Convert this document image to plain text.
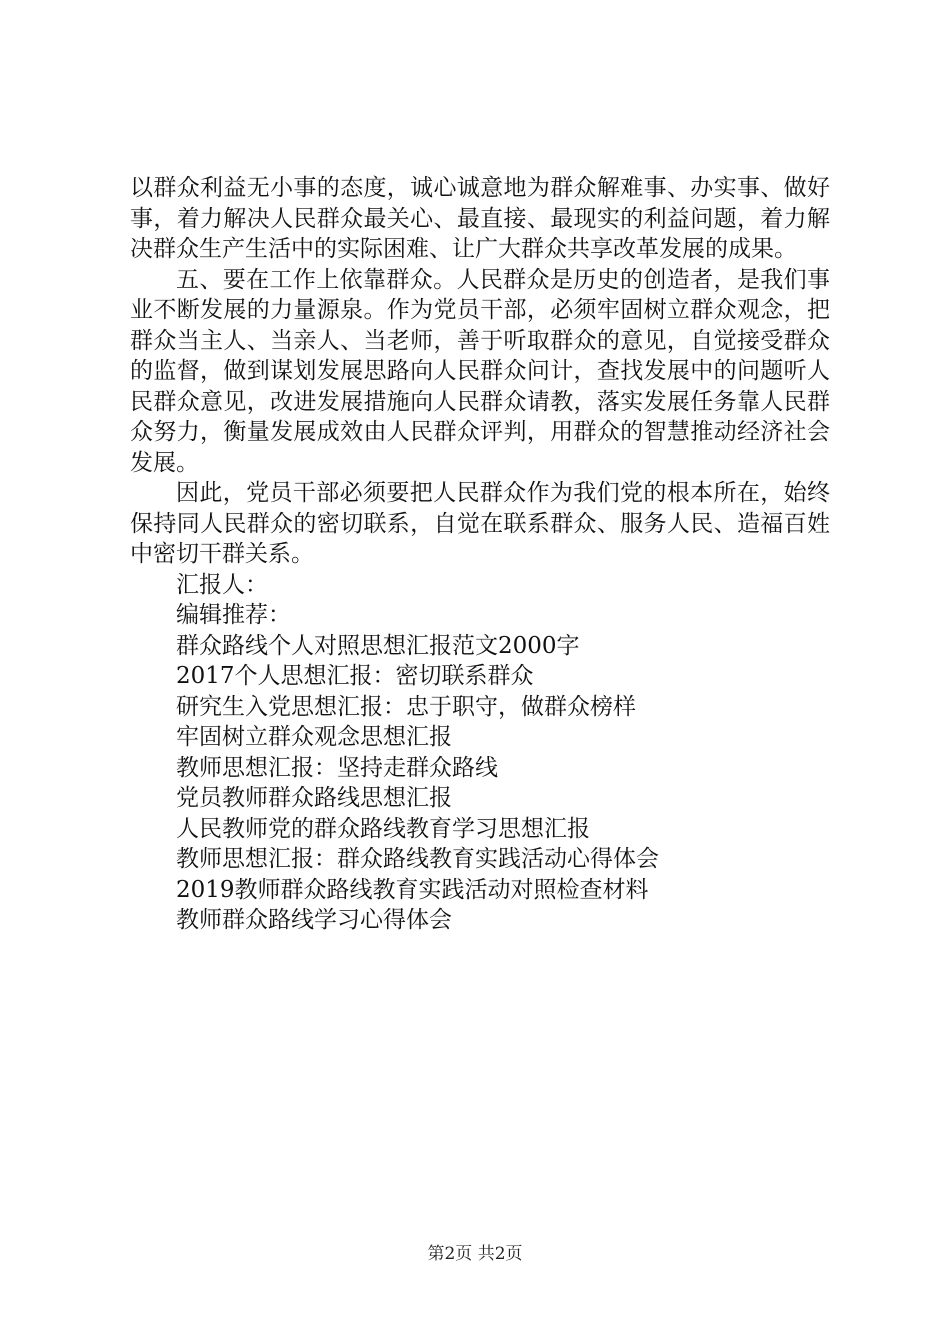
以群众利益无小事的态度，诚心诚意地为群众解难事、办实事、做好事，着力解决人民群众最关心、最直接、最现实的利益问题，着力解决群众生产生活中的实际困难、让广大群众共享改革发展的成果。

五、要在工作上依靠群众。人民群众是历史的创造者，是我们事业不断发展的力量源泉。作为党员干部，必须牢固树立群众观念，把群众当主人、当亲人、当老师，善于听取群众的意见，自觉接受群众的监督，做到谋划发展思路向人民群众问计，查找发展中的问题听人民群众意见，改进发展措施向人民群众请教，落实发展任务靠人民群众努力，衡量发展成效由人民群众评判，用群众的智慧推动经济社会发展。

因此，党员干部必须要把人民群众作为我们党的根本所在，始终保持同人民群众的密切联系，自觉在联系群众、服务人民、造福百姓中密切干群关系。

汇报人：

编辑推荐：

群众路线个人对照思想汇报范文2000字
2017个人思想汇报：密切联系群众
研究生入党思想汇报：忠于职守，做群众榜样
牢固树立群众观念思想汇报
教师思想汇报：坚持走群众路线
党员教师群众路线思想汇报
人民教师党的群众路线教育学习思想汇报
教师思想汇报：群众路线教育实践活动心得体会
2019教师群众路线教育实践活动对照检查材料
教师群众路线学习心得体会
第2页 共2页
